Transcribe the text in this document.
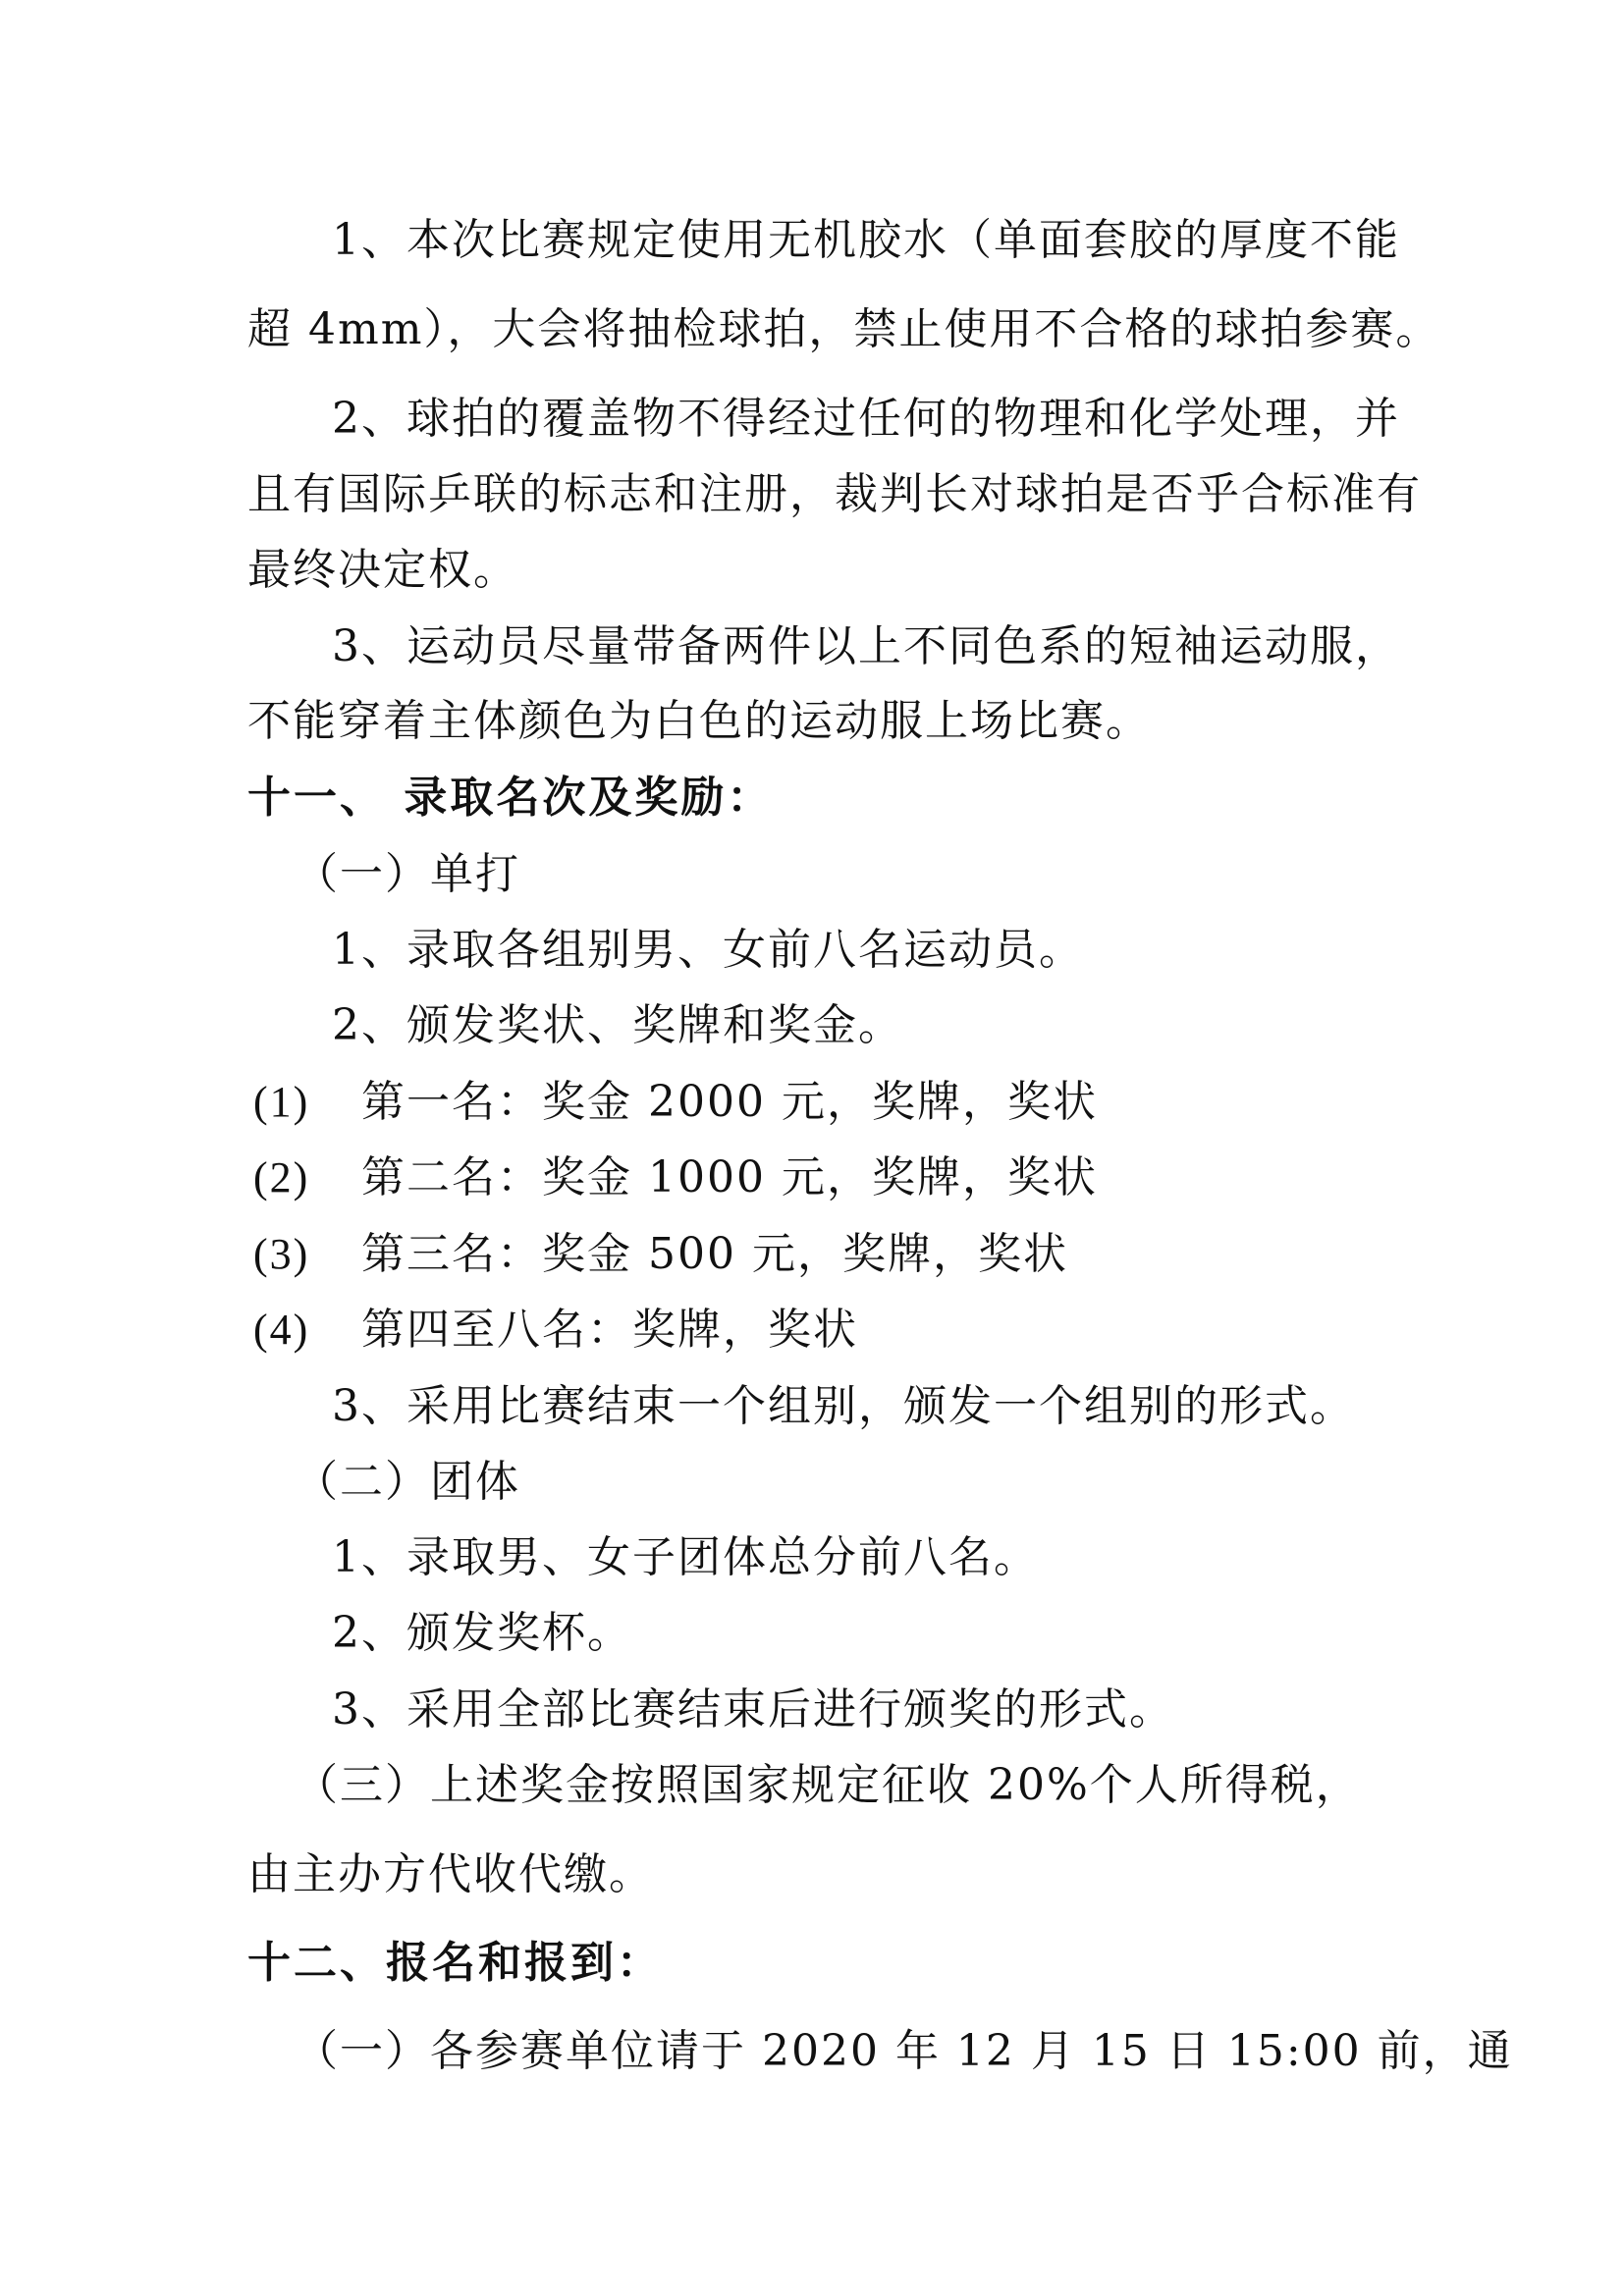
1、本次比赛规定使用无机胶水（单面套胶的厚度不能
超 4mm），大会将抽检球拍，禁止使用不合格的球拍参赛。
2、球拍的覆盖物不得经过任何的物理和化学处理，并
且有国际乒联的标志和注册，裁判长对球拍是否乎合标准有
最终决定权。
3、运动员尽量带备两件以上不同色系的短袖运动服，
不能穿着主体颜色为白色的运动服上场比赛。
十一、 录取名次及奖励：
（一）单打
1、录取各组别男、女前八名运动员。
2、颁发奖状、奖牌和奖金。
(1) 第一名：奖金 2000 元，奖牌，奖状
(2) 第二名：奖金 1000 元，奖牌，奖状
(3) 第三名：奖金 500 元，奖牌，奖状
(4) 第四至八名：奖牌，奖状
3、采用比赛结束一个组别，颁发一个组别的形式。
（二）团体
1、录取男、女子团体总分前八名。
2、颁发奖杯。
3、采用全部比赛结束后进行颁奖的形式。
（三）上述奖金按照国家规定征收 20%个人所得税，
由主办方代收代缴。
十二、报名和报到：
（一）各参赛单位请于 2020 年 12 月 15 日 15:00 前，通
